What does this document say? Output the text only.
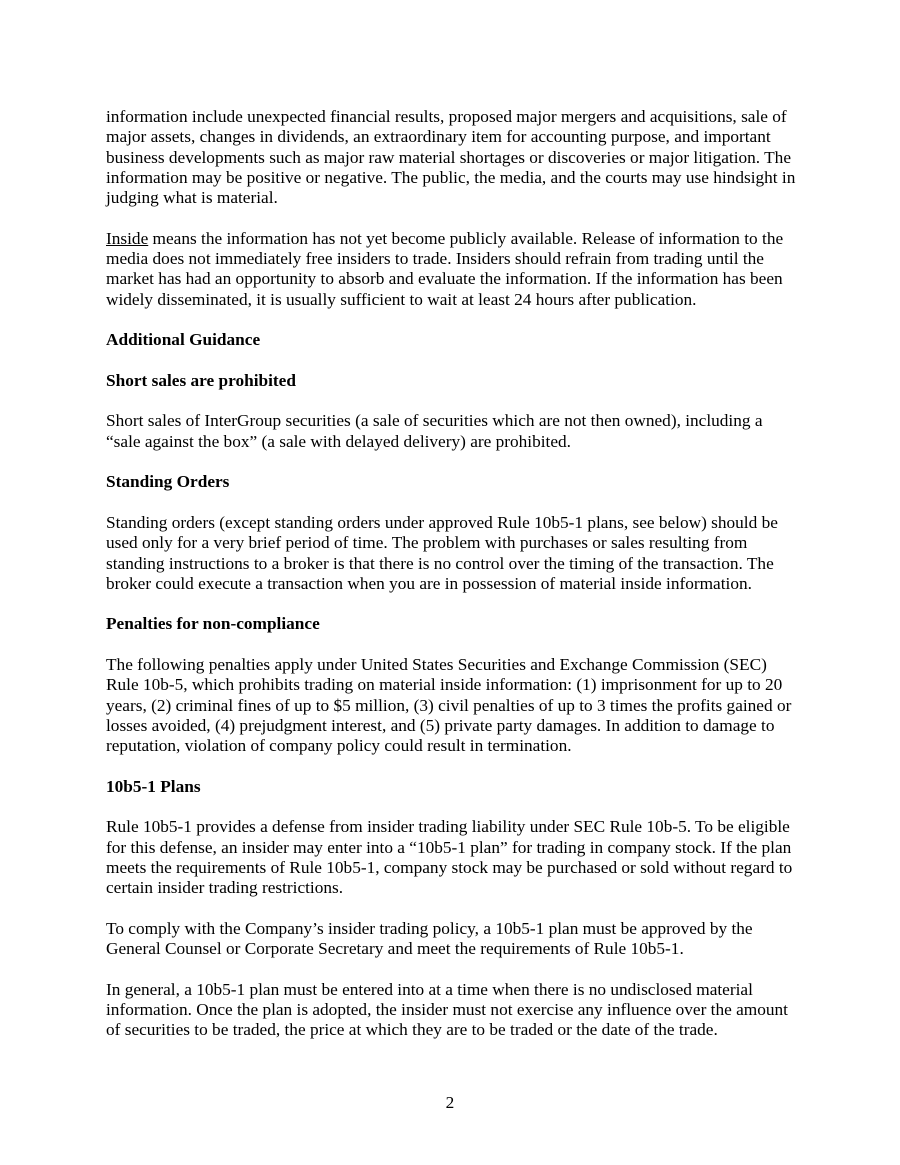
information include unexpected financial results, proposed major mergers and acquisitions, sale of major assets, changes in dividends, an extraordinary item for accounting purpose, and important business developments such as major raw material shortages or discoveries or major litigation. The information may be positive or negative. The public, the media, and the courts may use hindsight in judging what is material.

Inside means the information has not yet become publicly available. Release of information to the media does not immediately free insiders to trade. Insiders should refrain from trading until the market has had an opportunity to absorb and evaluate the information. If the information has been widely disseminated, it is usually sufficient to wait at least 24 hours after publication.

Additional Guidance

Short sales are prohibited

Short sales of InterGroup securities (a sale of securities which are not then owned), including a “sale against the box” (a sale with delayed delivery) are prohibited.

Standing Orders

Standing orders (except standing orders under approved Rule 10b5-1 plans, see below) should be used only for a very brief period of time. The problem with purchases or sales resulting from standing instructions to a broker is that there is no control over the timing of the transaction. The broker could execute a transaction when you are in possession of material inside information.

Penalties for non-compliance

The following penalties apply under United States Securities and Exchange Commission (SEC) Rule 10b-5, which prohibits trading on material inside information: (1) imprisonment for up to 20 years, (2) criminal fines of up to $5 million, (3) civil penalties of up to 3 times the profits gained or losses avoided, (4) prejudgment interest, and (5) private party damages. In addition to damage to reputation, violation of company policy could result in termination.

10b5-1 Plans

Rule 10b5-1 provides a defense from insider trading liability under SEC Rule 10b-5. To be eligible for this defense, an insider may enter into a “10b5-1 plan” for trading in company stock. If the plan meets the requirements of Rule 10b5-1, company stock may be purchased or sold without regard to certain insider trading restrictions.

To comply with the Company’s insider trading policy, a 10b5-1 plan must be approved by the General Counsel or Corporate Secretary and meet the requirements of Rule 10b5-1.

In general, a 10b5-1 plan must be entered into at a time when there is no undisclosed material information. Once the plan is adopted, the insider must not exercise any influence over the amount of securities to be traded, the price at which they are to be traded or the date of the trade.

2
